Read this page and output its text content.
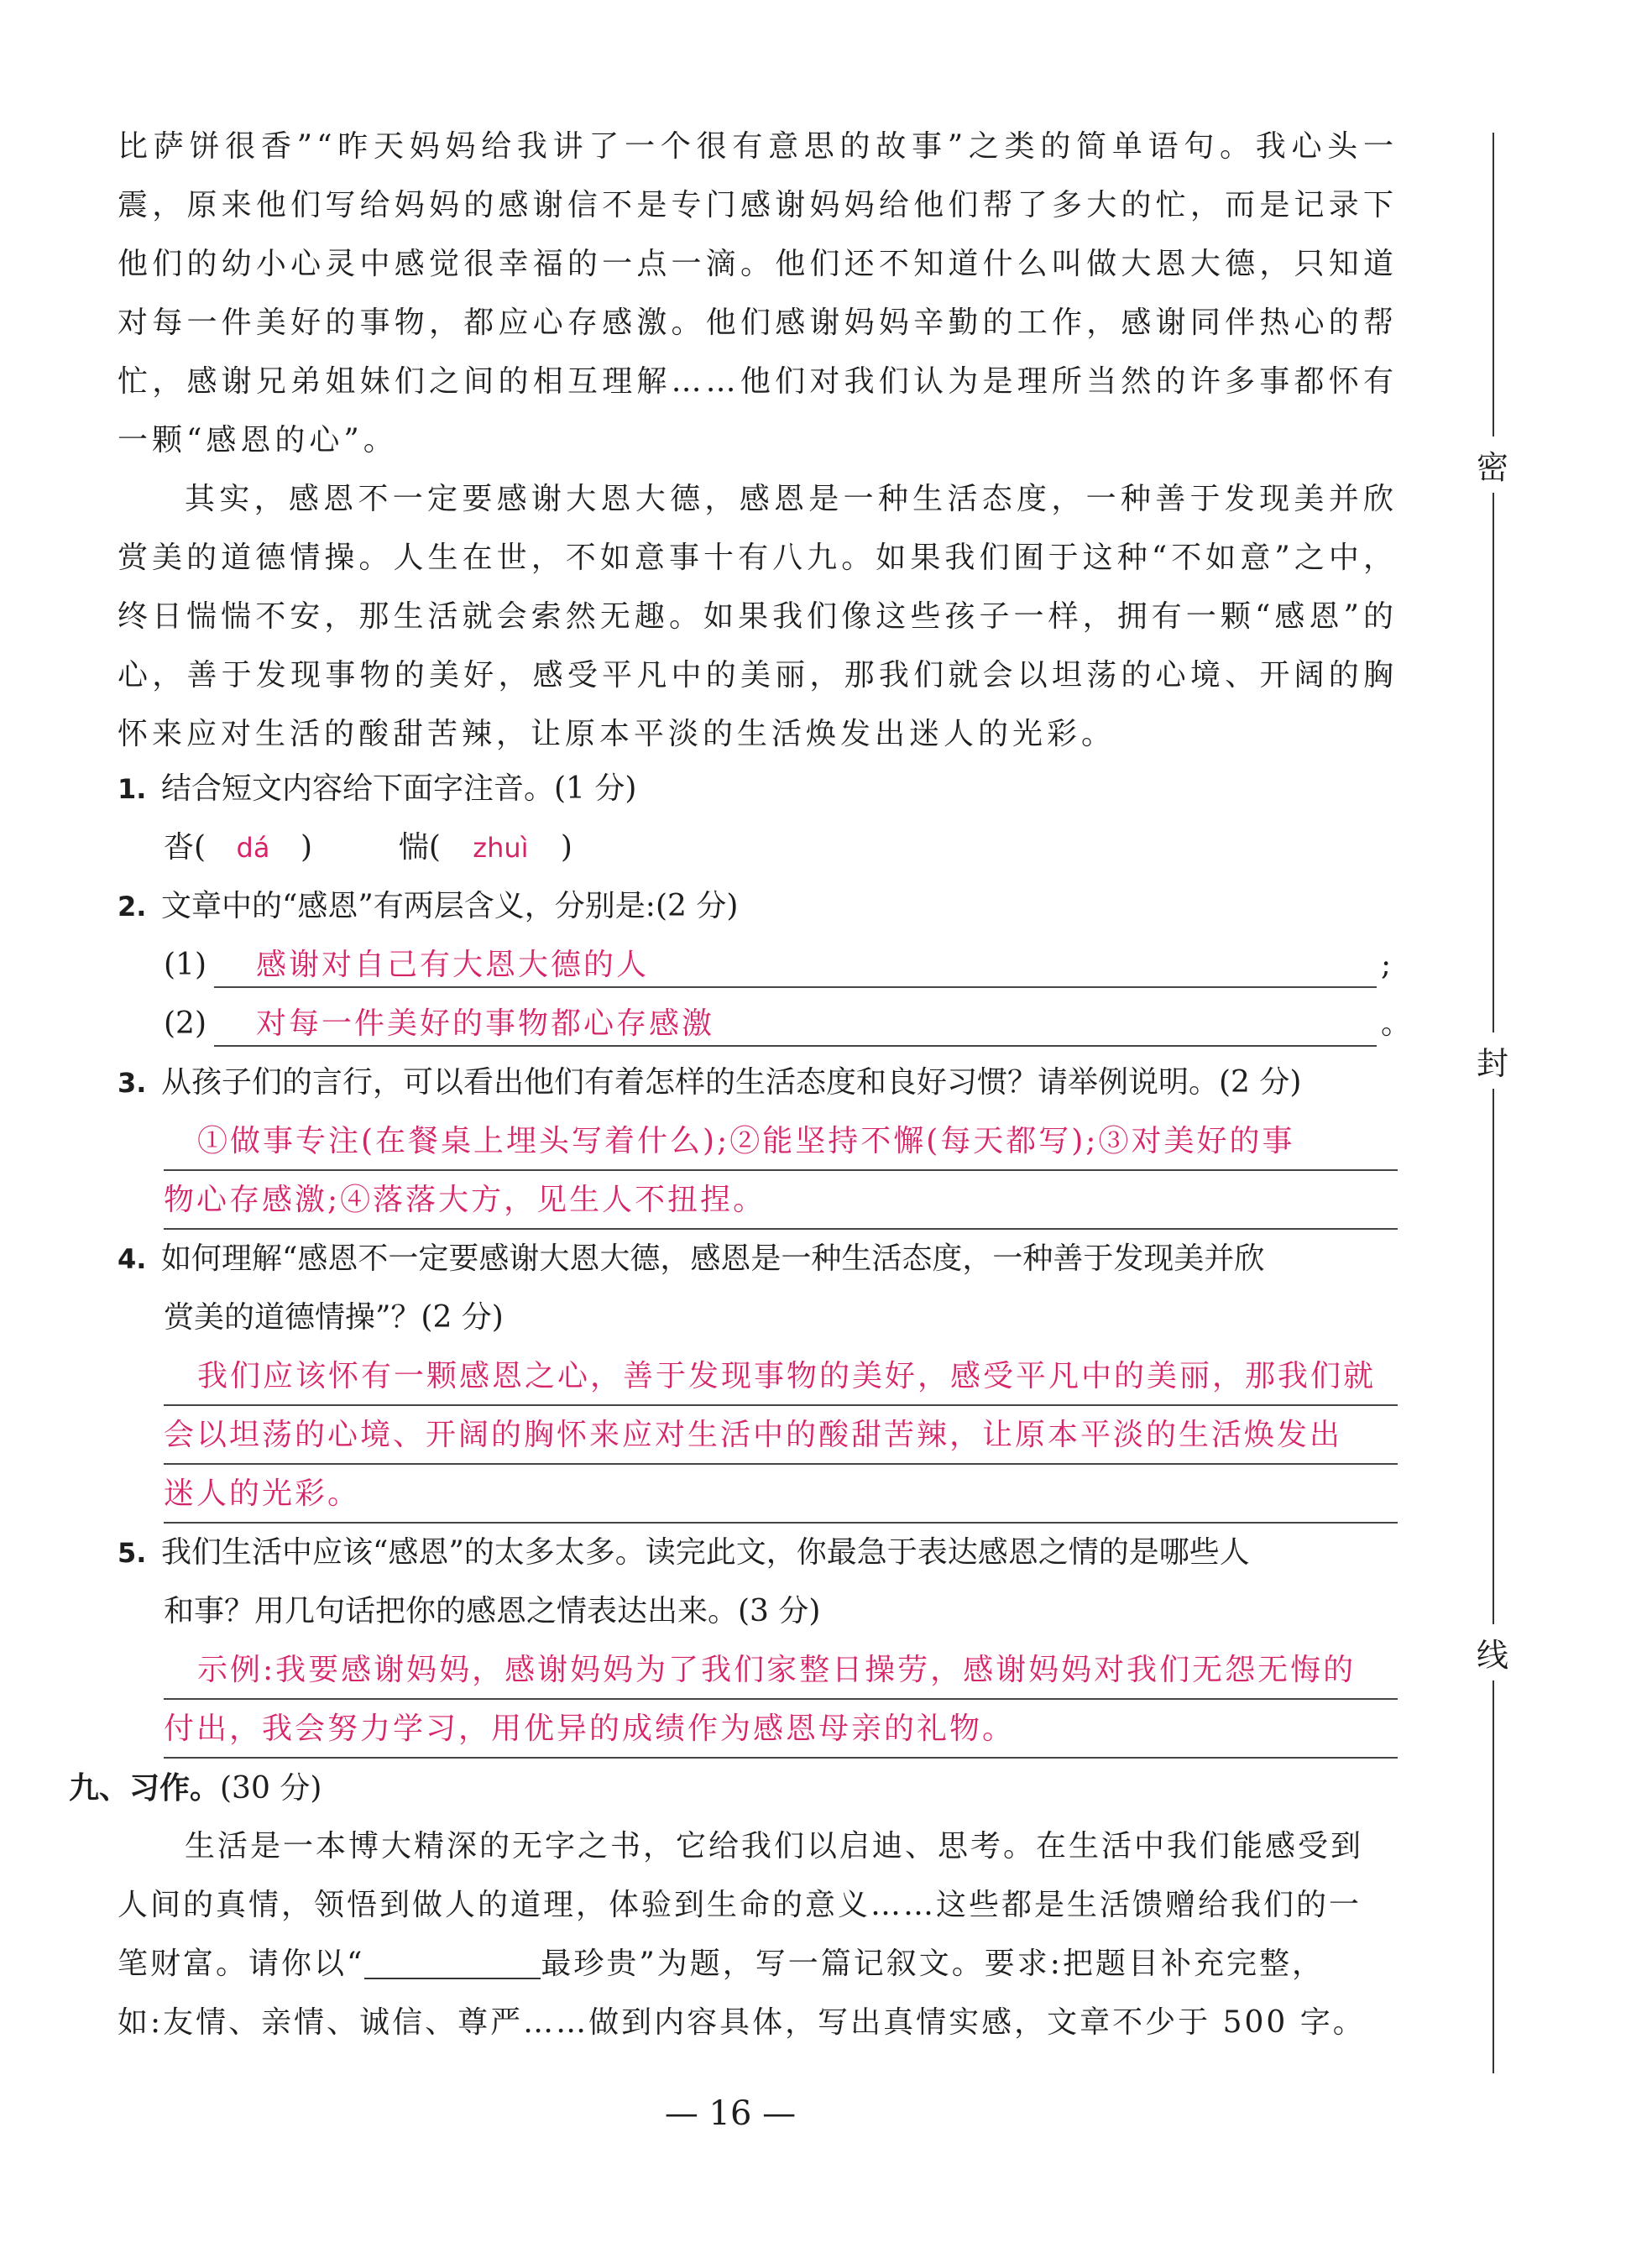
比萨饼很香”“昨天妈妈给我讲了一个很有意思的故事”之类的简单语句。我心头一震，原来他们写给妈妈的感谢信不是专门感谢妈妈给他们帮了多大的忙，而是记录下他们的幼小心灵中感觉很幸福的一点一滴。他们还不知道什么叫做大恩大德，只知道对每一件美好的事物，都应心存感激。他们感谢妈妈辛勤的工作，感谢同伴热心的帮忙，感谢兄弟姐妹们之间的相互理解……他们对我们认为是理所当然的许多事都怀有一颗“感恩的心”。

其实，感恩不一定要感谢大恩大德，感恩是一种生活态度，一种善于发现美并欣赏美的道德情操。人生在世，不如意事十有八九。如果我们囿于这种“不如意”之中，终日惴惴不安，那生活就会索然无趣。如果我们像这些孩子一样，拥有一颗“感恩”的心，善于发现事物的美好，感受平凡中的美丽，那我们就会以坦荡的心境、开阔的胸怀来应对生活的酸甜苦辣，让原本平淡的生活焕发出迷人的光彩。

1. 结合短文内容给下面字注音。(1 分)
沓( dá )	惴( zhuì )
2. 文章中的“感恩”有两层含义，分别是:(2 分)
(1) 感谢对自己有大恩大德的人	;
(2) 对每一件美好的事物都心存感激	。
3. 从孩子们的言行，可以看出他们有着怎样的生活态度和良好习惯？请举例说明。(2 分)
①做事专注(在餐桌上埋头写着什么);②能坚持不懈(每天都写);③对美好的事
物心存感激;④落落大方，见生人不扭捏。
4. 如何理解“感恩不一定要感谢大恩大德，感恩是一种生活态度，一种善于发现美并欣
赏美的道德情操”？(2 分)
我们应该怀有一颗感恩之心，善于发现事物的美好，感受平凡中的美丽，那我们就
会以坦荡的心境、开阔的胸怀来应对生活中的酸甜苦辣，让原本平淡的生活焕发出
迷人的光彩。
5. 我们生活中应该“感恩”的太多太多。读完此文，你最急于表达感恩之情的是哪些人
和事？用几句话把你的感恩之情表达出来。(3 分)
示例:我要感谢妈妈，感谢妈妈为了我们家整日操劳，感谢妈妈对我们无怨无悔的
付出，我会努力学习，用优异的成绩作为感恩母亲的礼物。
九、习作。(30 分)
生活是一本博大精深的无字之书，它给我们以启迪、思考。在生活中我们能感受到
人间的真情，领悟到做人的道理，体验到生命的意义……这些都是生活馈赠给我们的一
笔财富。请你以“	最珍贵”为题，写一篇记叙文。要求:把题目补充完整，
如:友情、亲情、诚信、尊严……做到内容具体，写出真情实感，文章不少于 500 字。
密
封
线
— 16 —
